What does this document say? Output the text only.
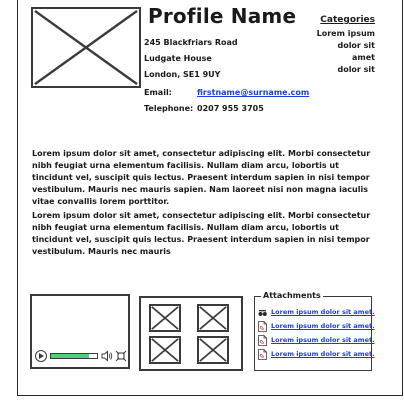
Profile Name
245 Blackfriars Road
Ludgate House
London, SE1 9UY
Email:	firstname@surname.com
Telephone: 0207 955 3705
Categories
Lorem ipsum
dolor sit
amet
dolor sit

Lorem ipsum dolor sit amet, consectetur adipiscing elit. Morbi consectetur nibh feugiat urna elementum facilisis. Nullam diam arcu, lobortis ut tincidunt vel, suscipit quis lectus. Praesent interdum sapien in nisi tempor vestibulum. Mauris nec mauris sapien. Nam laoreet nisi non magna iaculis vitae convallis lorem porttitor.

Lorem ipsum dolor sit amet, consectetur adipiscing elit. Morbi consectetur nibh feugiat urna elementum facilisis. Nullam diam arcu, lobortis ut tincidunt vel, suscipit quis lectus. Praesent interdum sapien in nisi tempor vestibulum. Mauris nec mauris

Attachments
Lorem ipsum dolor sit amet.
Lorem ipsum dolor sit amet.
Lorem ipsum dolor sit amet.
Lorem ipsum dolor sit amet.
